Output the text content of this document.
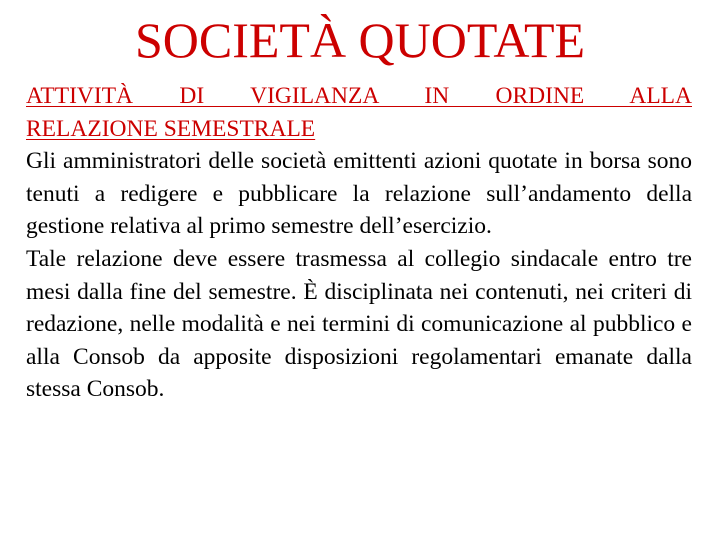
SOCIETÀ QUOTATE

ATTIVITÀ DI VIGILANZA IN ORDINE ALLA
RELAZIONE SEMESTRALE

Gli amministratori delle società emittenti azioni quotate in borsa sono tenuti a redigere e pubblicare la relazione sull’andamento della gestione relativa al primo semestre dell’esercizio.

Tale relazione deve essere trasmessa al collegio sindacale entro tre mesi dalla fine del semestre. È disciplinata nei contenuti, nei criteri di redazione, nelle modalità e nei termini di comunicazione al pubblico e alla Consob da apposite disposizioni regolamentari emanate dalla stessa Consob.
